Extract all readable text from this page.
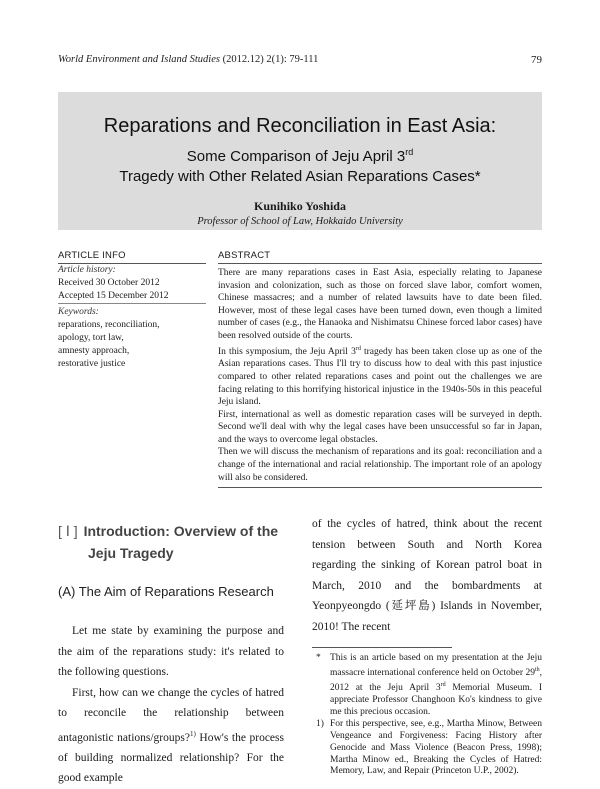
World Environment and Island Studies (2012.12) 2(1): 79-111	79
Reparations and Reconciliation in East Asia:
Some Comparison of Jeju April 3rd
Tragedy with Other Related Asian Reparations Cases*
Kunihiko Yoshida
Professor of School of Law, Hokkaido University
ARTICLE INFO
Article history:
Received 30 October 2012
Accepted 15 December 2012
Keywords:
reparations, reconciliation,
apology, tort law,
amnesty approach,
restorative justice
ABSTRACT

There are many reparations cases in East Asia, especially relating to Japanese invasion and colonization, such as those on forced slave labor, comfort women, Chinese massacres; and a number of related lawsuits have to date been filed. However, most of these legal cases have been turned down, even though a limited number of cases (e.g., the Hanaoka and Nishimatsu Chinese forced labor cases) have been resolved outside of the courts.

In this symposium, the Jeju April 3rd tragedy has been taken close up as one of the Asian reparations cases. Thus I'll try to discuss how to deal with this past injustice compared to other related reparations cases and point out the challenges we are facing relating to this horrifying historical injustice in the 1940s-50s in this peaceful Jeju island.

First, international as well as domestic reparation cases will be surveyed in depth. Second we'll deal with why the legal cases have been unsuccessful so far in Japan, and the ways to overcome legal obstacles.

Then we will discuss the mechanism of reparations and its goal: reconciliation and a change of the international and racial relationship. The important role of an apology will also be considered.

[ Ⅰ ] Introduction: Overview of the
Jeju Tragedy
(A) The Aim of Reparations Research

Let me state by examining the purpose and the aim of the reparations study: it's related to the following questions.

First, how can we change the cycles of hatred to reconcile the relationship between antagonistic nations/groups?$^{1)}$ How's the process of building normalized relationship? For the good example

of the cycles of hatred, think about the recent tension between South and North Korea regarding the sinking of Korean patrol boat in March, 2010 and the bombardments at Yeonpyeongdo (延坪島) Islands in November, 2010! The recent
* This is an article based on my presentation at the Jeju massacre international conference held on October 29th, 2012 at the Jeju April 3rd Memorial Museum. I appreciate Professor Changhoon Ko's kindness to give me this precious occasion.
1) For this perspective, see, e.g., Martha Minow, Between Vengeance and Forgiveness: Facing History after Genocide and Mass Violence (Beacon Press, 1998); Martha Minow ed., Breaking the Cycles of Hatred: Memory, Law, and Repair (Princeton U.P., 2002).
